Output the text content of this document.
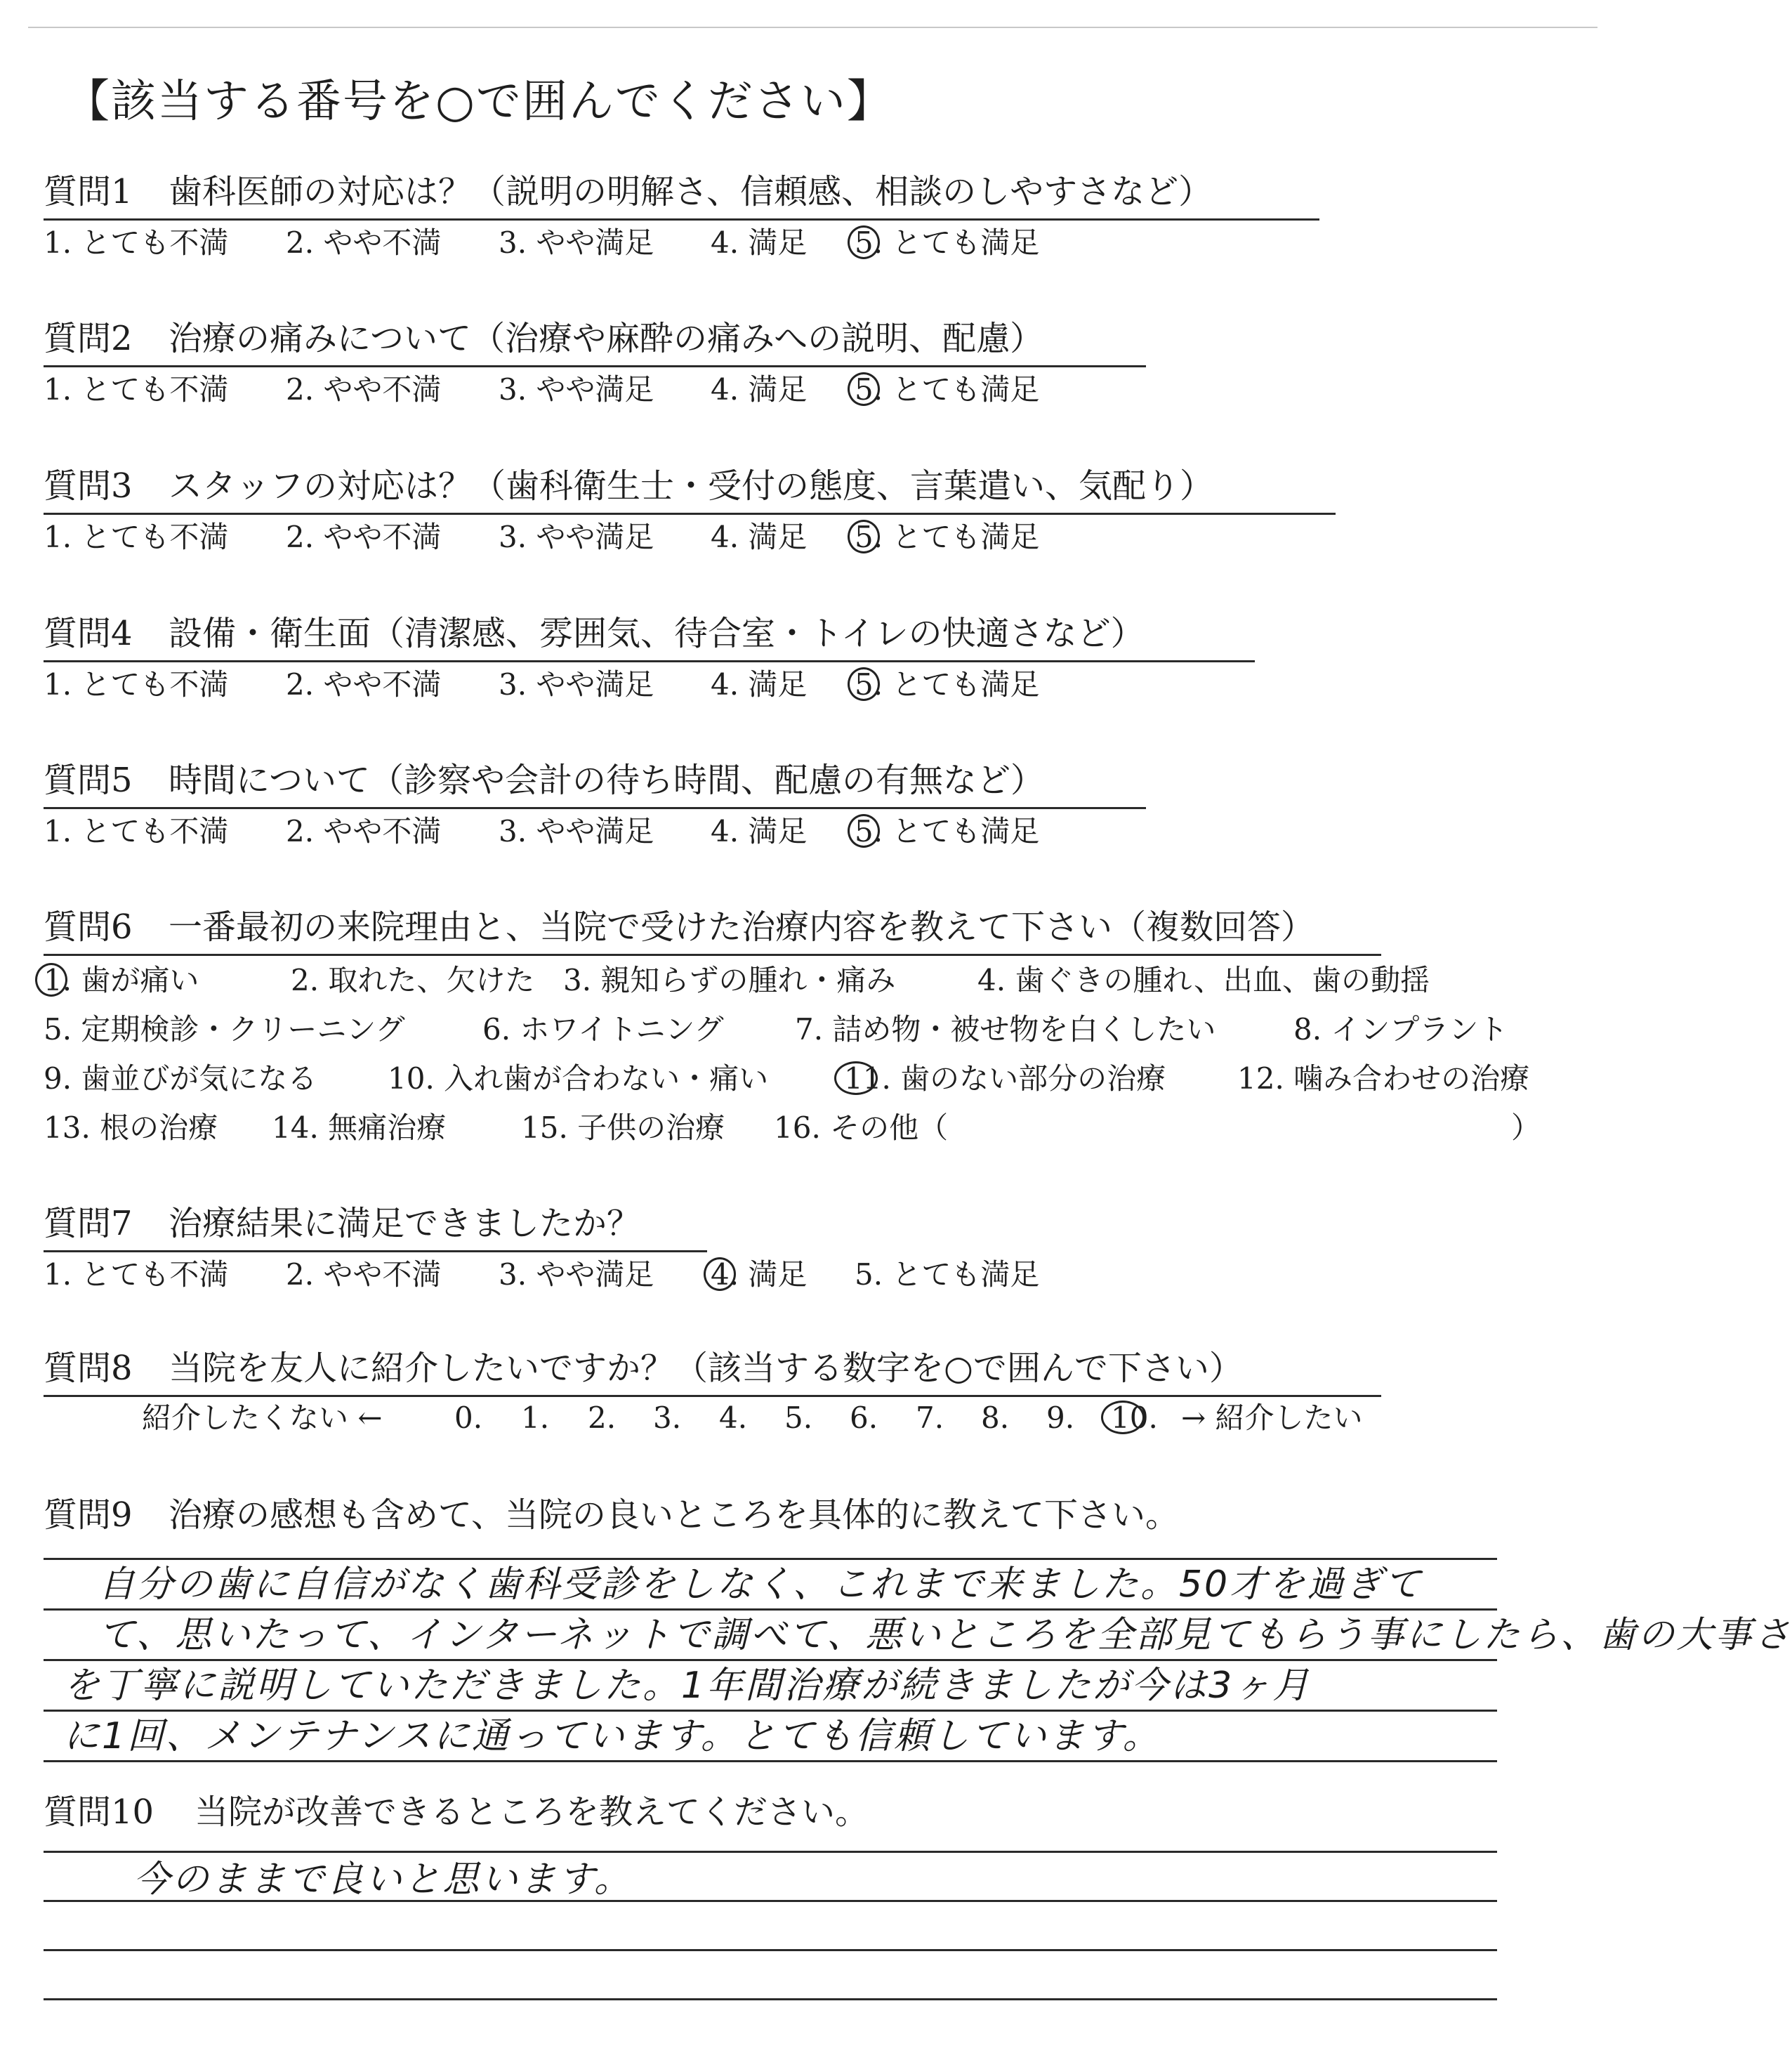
【該当する番号を○で囲んでください】
質問1 歯科医師の対応は？（説明の明解さ、信頼感、相談のしやすさなど）
1. とても不満 2. やや不満 3. やや満足 4. 満足 5. とても満足
質問2 治療の痛みについて（治療や麻酔の痛みへの説明、配慮）
1. とても不満 2. やや不満 3. やや満足 4. 満足 5. とても満足
質問3 スタッフの対応は？（歯科衛生士・受付の態度、言葉遣い、気配り）
1. とても不満 2. やや不満 3. やや満足 4. 満足 5. とても満足
質問4 設備・衛生面（清潔感、雰囲気、待合室・トイレの快適さなど）
1. とても不満 2. やや不満 3. やや満足 4. 満足 5. とても満足
質問5 時間について（診察や会計の待ち時間、配慮の有無など）
1. とても不満 2. やや不満 3. やや満足 4. 満足 5. とても満足
質問6 一番最初の来院理由と、当院で受けた治療内容を教えて下さい（複数回答）
1. 歯が痛い	2. 取れた、欠けた 3. 親知らずの腫れ・痛み	4. 歯ぐきの腫れ、出血、歯の動揺
5. 定期検診・クリーニング	6. ホワイトニング 7. 詰め物・被せ物を白くしたい	8. インプラント
9. 歯並びが気になる 10. 入れ歯が合わない・痛い	11. 歯のない部分の治療 12. 噛み合わせの治療
13. 根の治療 14. 無痛治療	15. 子供の治療 16. その他（	）
質問7 治療結果に満足できましたか？
1. とても不満 2. やや不満 3. やや満足 4. 満足 5. とても満足
質問8 当院を友人に紹介したいですか？（該当する数字を○で囲んで下さい）
紹介したくない ← 0. 1. 2. 3. 4. 5. 6. 7. 8. 9. 10. → 紹介したい
質問9 治療の感想も含めて、当院の良いところを具体的に教えて下さい。
自分の歯に自信がなく歯科受診をしなく、これまで来ました。50才を過ぎて
て、思いたって、インターネットで調べて、悪いところを全部見てもらう事にしたら、歯の大事さ
を丁寧に説明していただきました。1年間治療が続きましたが今は3ヶ月
に1回、メンテナンスに通っています。とても信頼しています。
質問10 当院が改善できるところを教えてください。
今のままで良いと思います。
